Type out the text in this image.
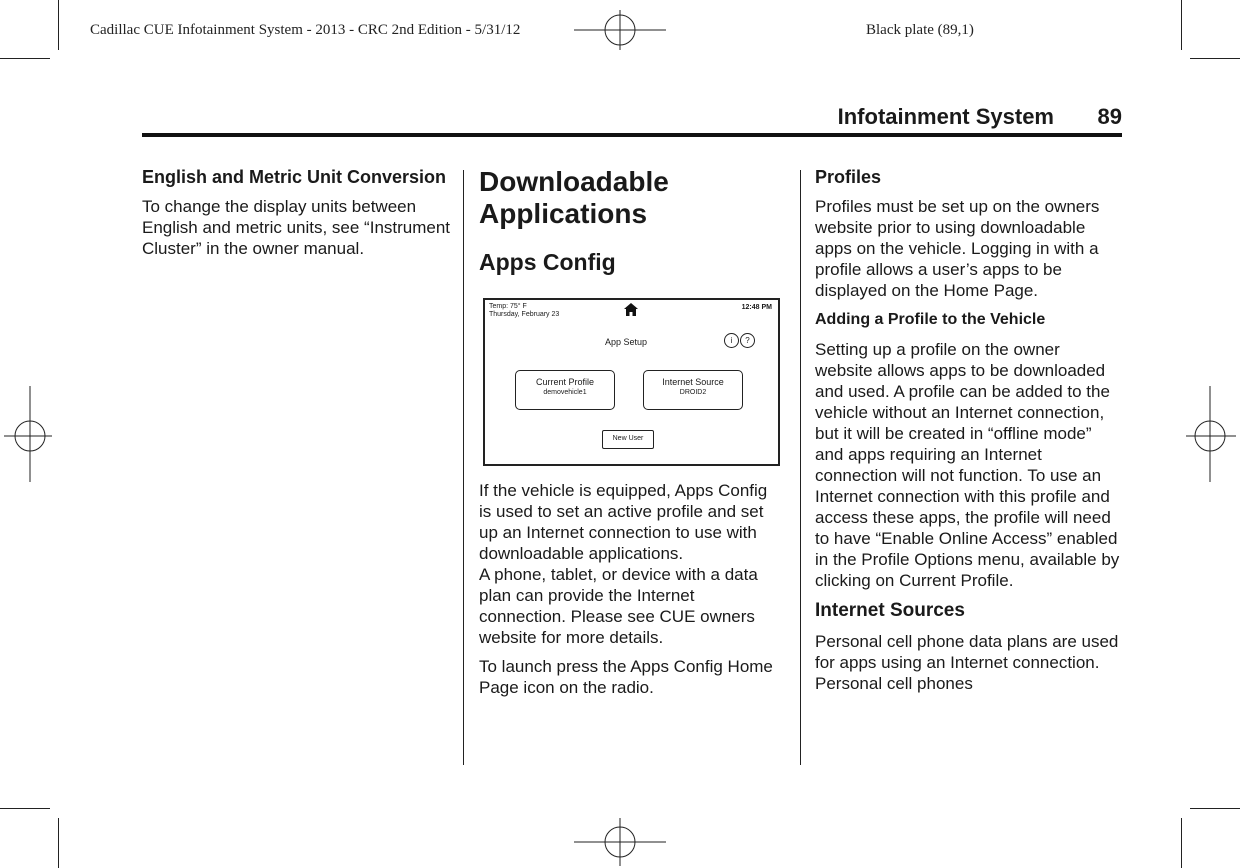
Cadillac CUE Infotainment System - 2013 - CRC 2nd Edition - 5/31/12	Black plate (89,1)
Infotainment System 89
English and Metric Unit Conversion

To change the display units between English and metric units, see “Instrument Cluster” in the owner manual.

Downloadable Applications
Apps Config
Temp: 75° F
Thursday, February 23
12:48 PM
App Setup	i	?
Current Profile
demovehicle1
Internet Source
DROID2
New User

If the vehicle is equipped, Apps Config is used to set an active profile and set up an Internet connection to use with downloadable applications.

A phone, tablet, or device with a data plan can provide the Internet connection. Please see CUE owners website for more details.

To launch press the Apps Config Home Page icon on the radio.

Profiles

Profiles must be set up on the owners website prior to using downloadable apps on the vehicle. Logging in with a profile allows a user’s apps to be displayed on the Home Page.

Adding a Profile to the Vehicle

Setting up a profile on the owner website allows apps to be downloaded and used. A profile can be added to the vehicle without an Internet connection, but it will be created in “offline mode” and apps requiring an Internet connection will not function. To use an Internet connection with this profile and access these apps, the profile will need to have “Enable Online Access” enabled in the Profile Options menu, available by clicking on Current Profile.

Internet Sources

Personal cell phone data plans are used for apps using an Internet connection. Personal cell phones
